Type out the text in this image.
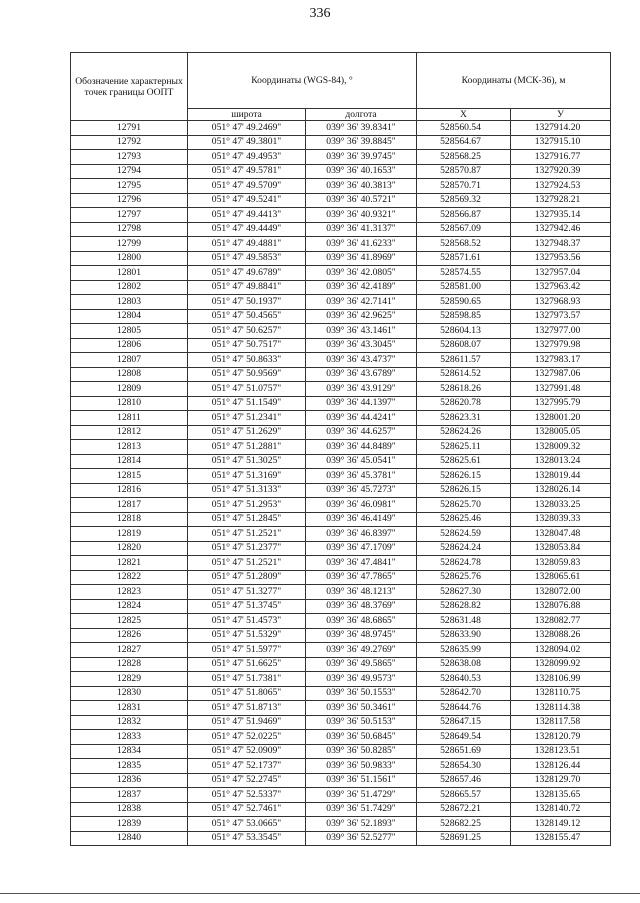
336
Обозначение характерных точек границы ООПТ	Координаты (WGS-84), °		Координаты (МСК-36), м	
	широта	долгота	X	У
12791	051° 47' 49.2469"	039° 36' 39.8341"	528560.54	1327914.20
12792	051° 47' 49.3801"	039° 36' 39.8845"	528564.67	1327915.10
12793	051° 47' 49.4953"	039° 36' 39.9745"	528568.25	1327916.77
12794	051° 47' 49.5781"	039° 36' 40.1653"	528570.87	1327920.39
12795	051° 47' 49.5709"	039° 36' 40.3813"	528570.71	1327924.53
12796	051° 47' 49.5241"	039° 36' 40.5721"	528569.32	1327928.21
12797	051° 47' 49.4413"	039° 36' 40.9321"	528566.87	1327935.14
12798	051° 47' 49.4449"	039° 36' 41.3137"	528567.09	1327942.46
12799	051° 47' 49.4881"	039° 36' 41.6233"	528568.52	1327948.37
12800	051° 47' 49.5853"	039° 36' 41.8969"	528571.61	1327953.56
12801	051° 47' 49.6789"	039° 36' 42.0805"	528574.55	1327957.04
12802	051° 47' 49.8841"	039° 36' 42.4189"	528581.00	1327963.42
12803	051° 47' 50.1937"	039° 36' 42.7141"	528590.65	1327968.93
12804	051° 47' 50.4565"	039° 36' 42.9625"	528598.85	1327973.57
12805	051° 47' 50.6257"	039° 36' 43.1461"	528604.13	1327977.00
12806	051° 47' 50.7517"	039° 36' 43.3045"	528608.07	1327979.98
12807	051° 47' 50.8633"	039° 36' 43.4737"	528611.57	1327983.17
12808	051° 47' 50.9569"	039° 36' 43.6789"	528614.52	1327987.06
12809	051° 47' 51.0757"	039° 36' 43.9129"	528618.26	1327991.48
12810	051° 47' 51.1549"	039° 36' 44.1397"	528620.78	1327995.79
12811	051° 47' 51.2341"	039° 36' 44.4241"	528623.31	1328001.20
12812	051° 47' 51.2629"	039° 36' 44.6257"	528624.26	1328005.05
12813	051° 47' 51.2881"	039° 36' 44.8489"	528625.11	1328009.32
12814	051° 47' 51.3025"	039° 36' 45.0541"	528625.61	1328013.24
12815	051° 47' 51.3169"	039° 36' 45.3781"	528626.15	1328019.44
12816	051° 47' 51.3133"	039° 36' 45.7273"	528626.15	1328026.14
12817	051° 47' 51.2953"	039° 36' 46.0981"	528625.70	1328033.25
12818	051° 47' 51.2845"	039° 36' 46.4149"	528625.46	1328039.33
12819	051° 47' 51.2521"	039° 36' 46.8397"	528624.59	1328047.48
12820	051° 47' 51.2377"	039° 36' 47.1709"	528624.24	1328053.84
12821	051° 47' 51.2521"	039° 36' 47.4841"	528624.78	1328059.83
12822	051° 47' 51.2809"	039° 36' 47.7865"	528625.76	1328065.61
12823	051° 47' 51.3277"	039° 36' 48.1213"	528627.30	1328072.00
12824	051° 47' 51.3745"	039° 36' 48.3769"	528628.82	1328076.88
12825	051° 47' 51.4573"	039° 36' 48.6865"	528631.48	1328082.77
12826	051° 47' 51.5329"	039° 36' 48.9745"	528633.90	1328088.26
12827	051° 47' 51.5977"	039° 36' 49.2769"	528635.99	1328094.02
12828	051° 47' 51.6625"	039° 36' 49.5865"	528638.08	1328099.92
12829	051° 47' 51.7381"	039° 36' 49.9573"	528640.53	1328106.99
12830	051° 47' 51.8065"	039° 36' 50.1553"	528642.70	1328110.75
12831	051° 47' 51.8713"	039° 36' 50.3461"	528644.76	1328114.38
12832	051° 47' 51.9469"	039° 36' 50.5153"	528647.15	1328117.58
12833	051° 47' 52.0225"	039° 36' 50.6845"	528649.54	1328120.79
12834	051° 47' 52.0909"	039° 36' 50.8285"	528651.69	1328123.51
12835	051° 47' 52.1737"	039° 36' 50.9833"	528654.30	1328126.44
12836	051° 47' 52.2745"	039° 36' 51.1561"	528657.46	1328129.70
12837	051° 47' 52.5337"	039° 36' 51.4729"	528665.57	1328135.65
12838	051° 47' 52.7461"	039° 36' 51.7429"	528672.21	1328140.72
12839	051° 47' 53.0665"	039° 36' 52.1893"	528682.25	1328149.12
12840	051° 47' 53.3545"	039° 36' 52.5277"	528691.25	1328155.47
